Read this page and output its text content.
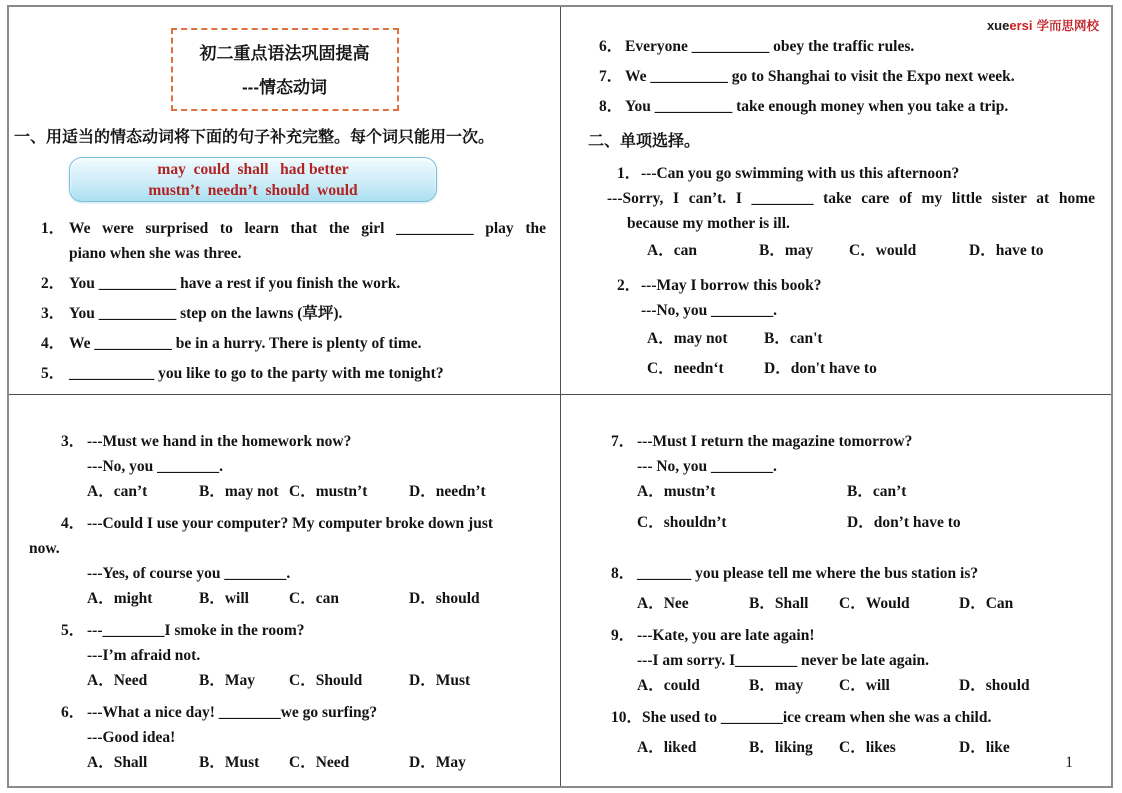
初二重点语法巩固提高
---情态动词
一、用适当的情态动词将下面的句子补充完整。每个词只能用一次。
may  could  shall   had better
mustn’t  needn’t  should  would
1． We were surprised to learn that the girl __________ play the
piano when she was three.
2． You __________ have a rest if you finish the work.
3． You __________ step on the lawns (草坪).
4． We __________ be in a hurry. There is plenty of time.
5． ___________ you like to go to the party with me tonight?
xueersi 学而思网校
6． Everyone __________ obey the traffic rules.
7． We __________ go to Shanghai to visit the Expo next week.
8． You __________ take enough money when you take a trip.
二、单项选择。
1． ---Can you go swimming with us this afternoon?
---Sorry, I can’t. I ________ take care of my little sister at home
because my mother is ill.
A．can	B．may	C．would	D．have to
2． ---May I borrow this book?
---No, you ________.
A．may not	B．can't
C．needn‘t	D．don't have to
3． ---Must we hand in the homework now?
---No, you ________.
A．can’t	B．may not C．mustn’t	D．needn’t
4． ---Could I use your computer? My computer broke down just
now.
---Yes, of course you ________.
A．might	B．will	C．can	D．should
5． ---________I smoke in the room?
---I’m afraid not.
A．Need	B．May	C．Should	D．Must
6． ---What a nice day! ________we go surfing?
---Good idea!
A．Shall	B．Must	C．Need	D．May
7． ---Must I return the magazine tomorrow?
--- No, you ________.
A．mustn’t	B．can’t
C．shouldn’t	D．don’t have to
8． _______ you please tell me where the bus station is?
A．Nee	B．Shall	C．Would	D．Can
9． ---Kate, you are late again!
---I am sorry. I________ never be late again.
A．could	B．may	C．will	D．should
10． She used to ________ice cream when she was a child.
A．liked	B．liking	C．likes	D．like
1
